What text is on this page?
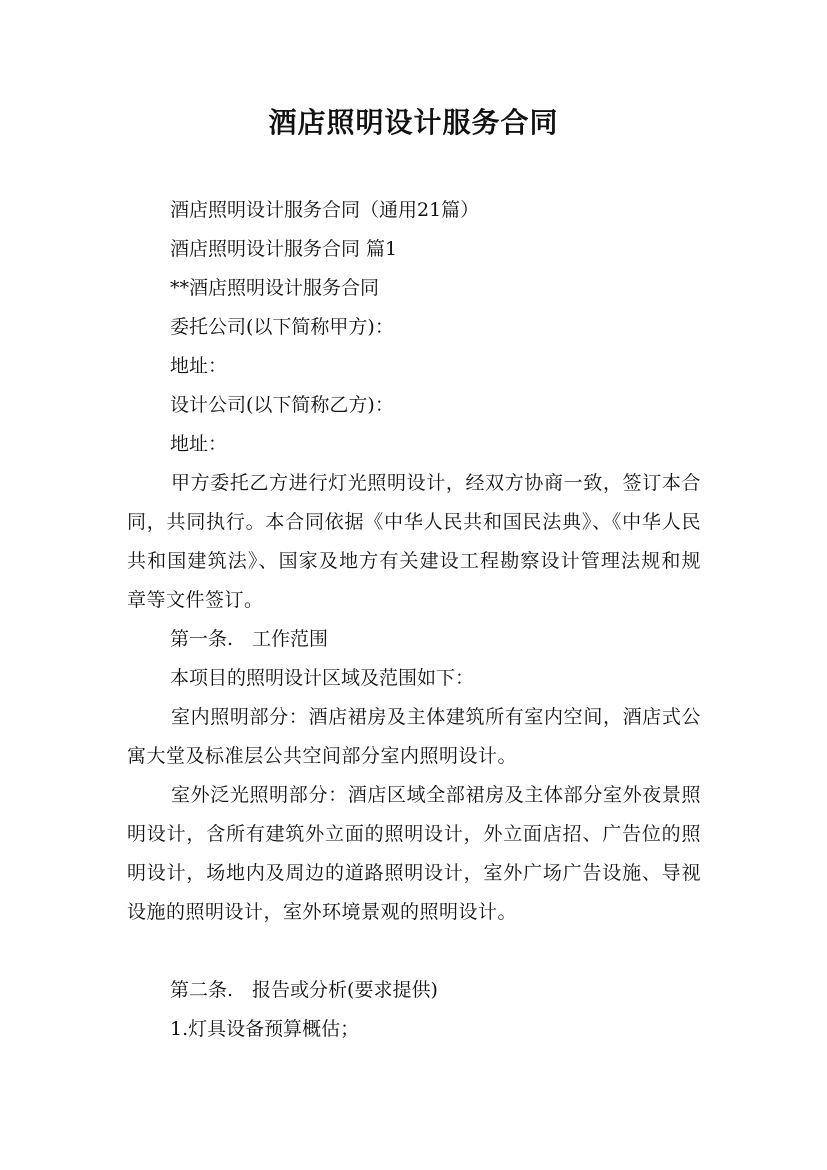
酒店照明设计服务合同
酒店照明设计服务合同（通用21篇）
酒店照明设计服务合同 篇1
**酒店照明设计服务合同
委托公司(以下简称甲方)：
地址：
设计公司(以下简称乙方)：
地址：
甲方委托乙方进行灯光照明设计，经双方协商一致，签订本合同，共同执行。本合同依据《中华人民共和国民法典》、《中华人民共和国建筑法》、国家及地方有关建设工程勘察设计管理法规和规章等文件签订。
第一条.　工作范围
本项目的照明设计区域及范围如下：
室内照明部分：酒店裙房及主体建筑所有室内空间，酒店式公寓大堂及标准层公共空间部分室内照明设计。
室外泛光照明部分：酒店区域全部裙房及主体部分室外夜景照明设计，含所有建筑外立面的照明设计，外立面店招、广告位的照明设计，场地内及周边的道路照明设计，室外广场广告设施、导视设施的照明设计，室外环境景观的照明设计。
第二条.　报告或分析(要求提供)
1.灯具设备预算概估；
